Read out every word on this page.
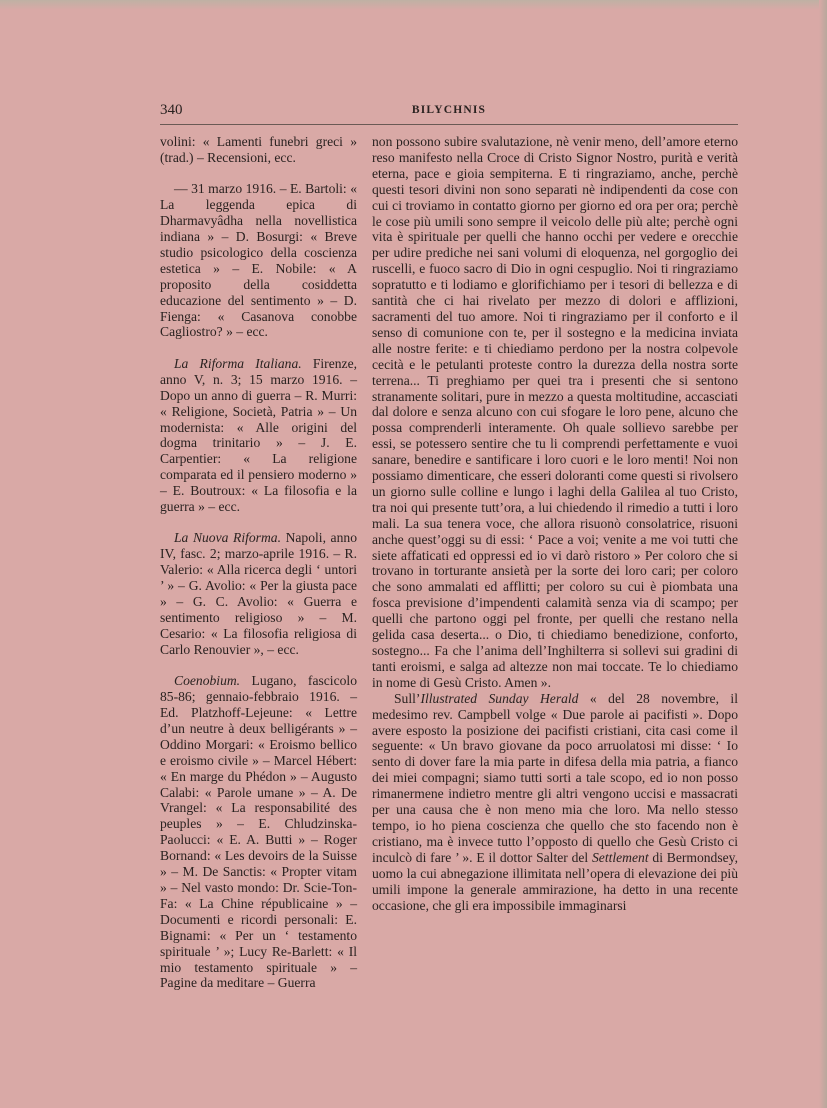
340	BILYCHNIS

volini: « Lamenti funebri greci » (trad.) – Recensioni, ecc.

— 31 marzo 1916. – E. Bartoli: « La leggenda epica di Dharmavyâdha nella novellistica indiana » – D. Bosurgi: « Breve studio psicologico della coscienza estetica » – E. Nobile: « A proposito della cosiddetta educazione del sentimento » – D. Fienga: « Casanova conobbe Cagliostro? » – ecc.

La Riforma Italiana. Firenze, anno V, n. 3; 15 marzo 1916. – Dopo un anno di guerra – R. Murri: « Religione, Società, Patria » – Un modernista: « Alle origini del dogma trinitario » – J. E. Carpentier: « La religione comparata ed il pensiero moderno » – E. Boutroux: « La filosofia e la guerra » – ecc.

La Nuova Riforma. Napoli, anno IV, fasc. 2; marzo-aprile 1916. – R. Valerio: « Alla ricerca degli ‘ untori ’ » – G. Avolio: « Per la giusta pace » – G. C. Avolio: « Guerra e sentimento religioso » – M. Cesario: « La filosofia religiosa di Carlo Renouvier », – ecc.

Coenobium. Lugano, fascicolo 85-86; gennaio-febbraio 1916. – Ed. Platzhoff-Lejeune: « Lettre d’un neutre à deux belligérants » – Oddino Morgari: « Eroismo bellico e eroismo civile » – Marcel Hébert: « En marge du Phédon » – Augusto Calabi: « Parole umane » – A. De Vrangel: « La responsabilité des peuples » – E. Chludzinska-Paolucci: « E. A. Butti » – Roger Bornand: « Les devoirs de la Suisse » – M. De Sanctis: « Propter vitam » – Nel vasto mondo: Dr. Scie-Ton-Fa: « La Chine républicaine » – Documenti e ricordi personali: E. Bignami: « Per un ‘ testamento spirituale ’ »; Lucy Re-Barlett: « Il mio testamento spirituale » – Pagine da meditare – Guerra

non possono subire svalutazione, nè venir meno, dell’amore eterno reso manifesto nella Croce di Cristo Signor Nostro, purità e verità eterna, pace e gioia sempiterna. E ti ringraziamo, anche, perchè questi tesori divini non sono separati nè indipendenti da cose con cui ci troviamo in contatto giorno per giorno ed ora per ora; perchè le cose più umili sono sempre il veicolo delle più alte; perchè ogni vita è spirituale per quelli che hanno occhi per vedere e orecchie per udire prediche nei sani volumi di eloquenza, nel gorgoglio dei ruscelli, e fuoco sacro di Dio in ogni cespuglio. Noi ti ringraziamo sopratutto e ti lodiamo e glorifichiamo per i tesori di bellezza e di santità che ci hai rivelato per mezzo di dolori e afflizioni, sacramenti del tuo amore. Noi ti ringraziamo per il conforto e il senso di comunione con te, per il sostegno e la medicina inviata alle nostre ferite: e ti chiediamo perdono per la nostra colpevole cecità e le petulanti proteste contro la durezza della nostra sorte terrena... Ti preghiamo per quei tra i presenti che si sentono stranamente solitari, pure in mezzo a questa moltitudine, accasciati dal dolore e senza alcuno con cui sfogare le loro pene, alcuno che possa comprenderli interamente. Oh quale sollievo sarebbe per essi, se potessero sentire che tu li comprendi perfettamente e vuoi sanare, benedire e santificare i loro cuori e le loro menti! Noi non possiamo dimenticare, che esseri doloranti come questi si rivolsero un giorno sulle colline e lungo i laghi della Galilea al tuo Cristo, tra noi qui presente tutt’ora, a lui chiedendo il rimedio a tutti i loro mali. La sua tenera voce, che allora risuonò consolatrice, risuoni anche quest’oggi su di essi: ‘ Pace a voi; venite a me voi tutti che siete affaticati ed oppressi ed io vi darò ristoro » Per coloro che si trovano in torturante ansietà per la sorte dei loro cari; per coloro che sono ammalati ed afflitti; per coloro su cui è piombata una fosca previsione d’impendenti calamità senza via di scampo; per quelli che partono oggi pel fronte, per quelli che restano nella gelida casa deserta... o Dio, ti chiediamo benedizione, conforto, sostegno... Fa che l’anima dell’Inghilterra si sollevi sui gradini di tanti eroismi, e salga ad altezze non mai toccate. Te lo chiediamo in nome di Gesù Cristo. Amen ».

Sull’Illustrated Sunday Herald « del 28 novembre, il medesimo rev. Campbell volge « Due parole ai pacifisti ». Dopo avere esposto la posizione dei pacifisti cristiani, cita casi come il seguente: « Un bravo giovane da poco arruolatosi mi disse: ‘ Io sento di dover fare la mia parte in difesa della mia patria, a fianco dei miei compagni; siamo tutti sorti a tale scopo, ed io non posso rimanermene indietro mentre gli altri vengono uccisi e massacrati per una causa che è non meno mia che loro. Ma nello stesso tempo, io ho piena coscienza che quello che sto facendo non è cristiano, ma è invece tutto l’opposto di quello che Gesù Cristo ci inculcò di fare ’ ». E il dottor Salter del Settlement di Bermondsey, uomo la cui abnegazione illimitata nell’opera di elevazione dei più umili impone la generale ammirazione, ha detto in una recente occasione, che gli era impossibile immaginarsi
